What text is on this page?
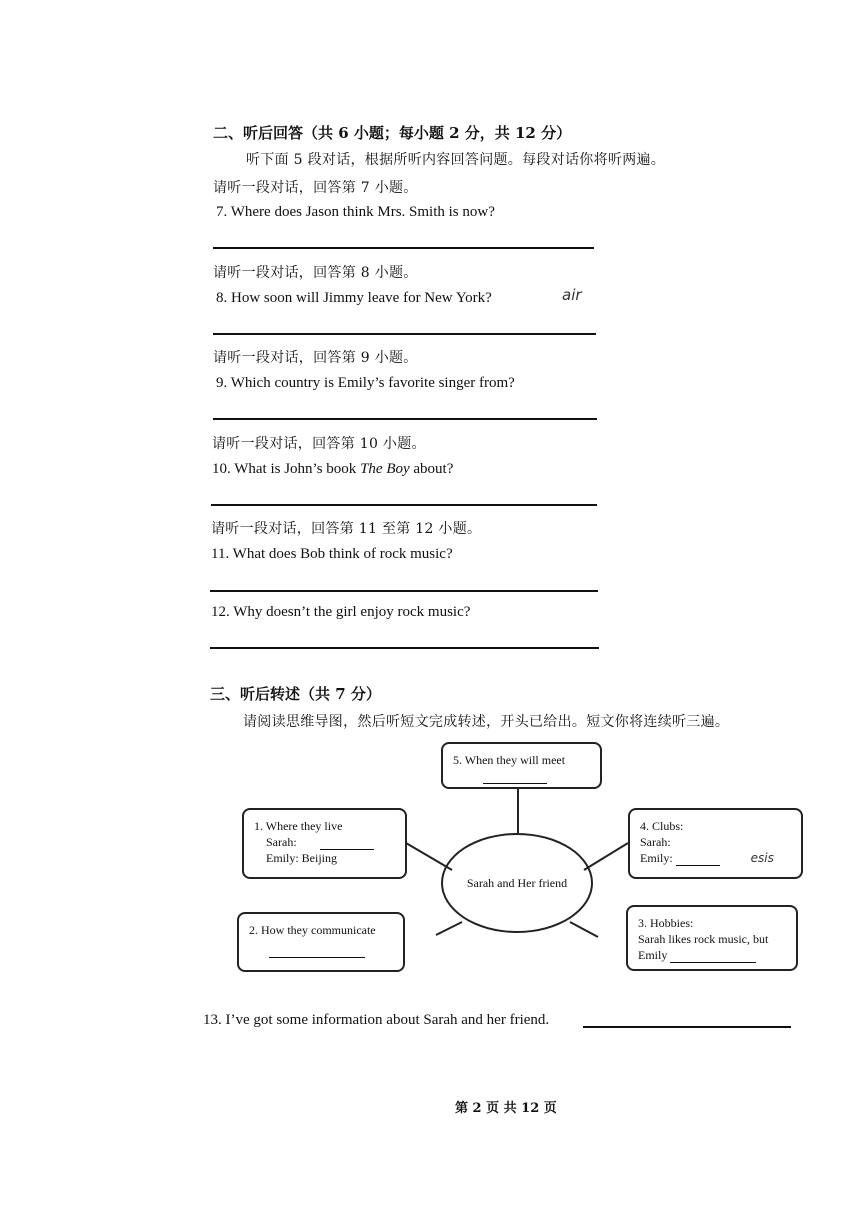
二、听后回答（共 6 小题；每小题 2 分，共 12 分）
听下面 5 段对话，根据所听内容回答问题。每段对话你将听两遍。
请听一段对话，回答第 7 小题。
7. Where does Jason think Mrs. Smith is now?
请听一段对话，回答第 8 小题。
8. How soon will Jimmy leave for New York?	air
请听一段对话，回答第 9 小题。
9. Which country is Emily’s favorite singer from?
请听一段对话，回答第 10 小题。
10. What is John’s book The Boy about?
请听一段对话，回答第 11 至第 12 小题。
11. What does Bob think of rock music?
12. Why doesn’t the girl enjoy rock music?
三、听后转述（共 7 分）
请阅读思维导图，然后听短文完成转述，开头已给出。短文你将连续听三遍。
5. When they will meet
1. Where they live
Sarah:
Emily: Beijing
Sarah and Her friend
4. Clubs:
Sarah:
Emily:	esis
2. How they communicate	3. Hobbies:
Sarah likes rock music, but
Emily
13. I’ve got some information about Sarah and her friend.
第 2 页 共 12 页
